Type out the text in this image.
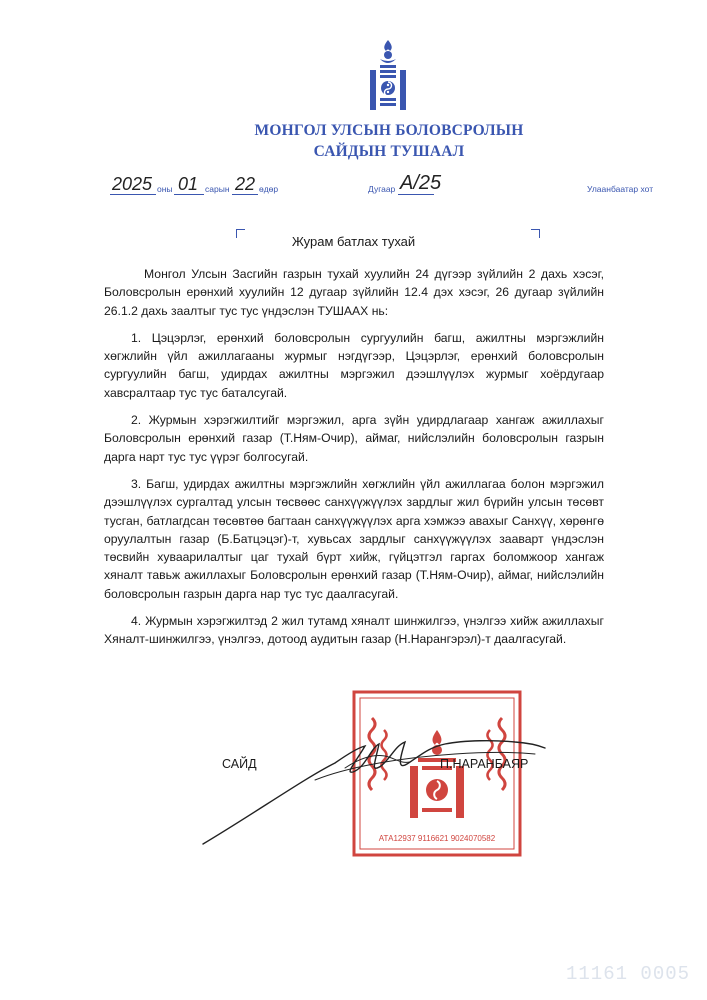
МОНГОЛ УЛСЫН БОЛОВСРОЛЫН
САЙДЫН ТУШААЛ
2025 оны 01 сарын 22 өдөр	Дугаар А/25	Улаанбаатар хот
Журам батлах тухай

Монгол Улсын Засгийн газрын тухай хуулийн 24 дүгээр зүйлийн 2 дахь хэсэг, Боловсролын ерөнхий хуулийн 12 дугаар зүйлийн 12.4 дэх хэсэг, 26 дугаар зүйлийн 26.1.2 дахь заалтыг тус тус үндэслэн ТУШААХ нь:

1. Цэцэрлэг, ерөнхий боловсролын сургуулийн багш, ажилтны мэргэжлийн хөгжлийн үйл ажиллагааны журмыг нэгдүгээр, Цэцэрлэг, ерөнхий боловсролын сургуулийн багш, удирдах ажилтны мэргэжил дээшлүүлэх журмыг хоёрдугаар хавсралтаар тус тус баталсугай.

2. Журмын хэрэгжилтийг мэргэжил, арга зүйн удирдлагаар хангаж ажиллахыг Боловсролын ерөнхий газар (Т.Ням-Очир), аймаг, нийслэлийн боловсролын газрын дарга нарт тус тус үүрэг болгосугай.

3. Багш, удирдах ажилтны мэргэжлийн хөгжлийн үйл ажиллагаа болон мэргэжил дээшлүүлэх сургалтад улсын төсвөөс санхүүжүүлэх зардлыг жил бүрийн улсын төсөвт тусган, батлагдсан төсөвтөө багтаан санхүүжүүлэх арга хэмжээ авахыг Санхүү, хөрөнгө оруулалтын газар (Б.Батцэцэг)-т, хувьсах зардлыг санхүүжүүлэх зааварт үндэслэн төсвийн хуваарилалтыг цаг тухай бүрт хийж, гүйцэтгэл гаргах боломжоор хангаж хяналт тавьж ажиллахыг Боловсролын ерөнхий газар (Т.Ням-Очир), аймаг, нийслэлийн боловсролын газрын дарга нар тус тус даалгасугай.

4. Журмын хэрэгжилтэд 2 жил тутамд хяналт шинжилгээ, үнэлгээ хийж ажиллахыг Хяналт-шинжилгээ, үнэлгээ, дотоод аудитын газар (Н.Нарангэрэл)-т даалгасугай.

АТА12937 9116621 9024070582
САЙД	П.НАРАНБАЯР
11161 0005
